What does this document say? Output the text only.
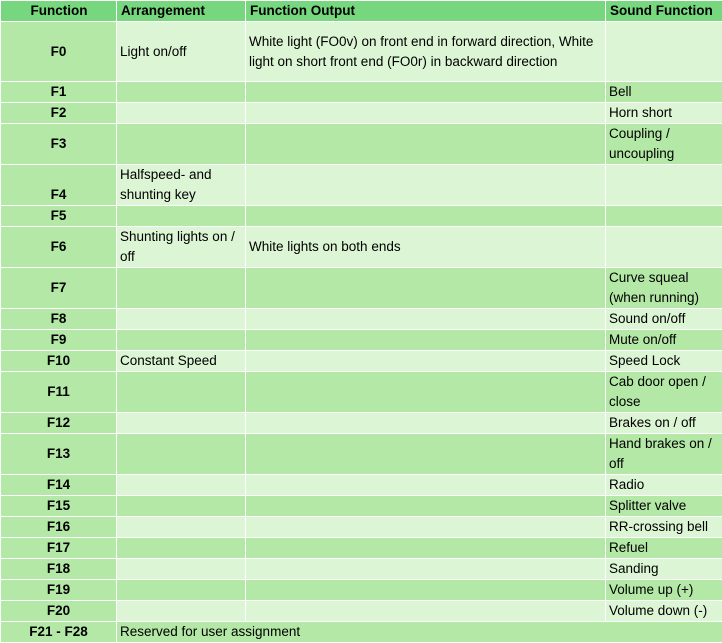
Function	Arrangement	Function Output	Sound Function
F0	Light on/off	White light (FO0v) on front end in forward direction, White light on short front end (FO0r) in backward direction	
F1			Bell
F2			Horn short
F3			Coupling / uncoupling
F4	Halfspeed- and shunting key		
F5			
F6	Shunting lights on / off	White lights on both ends	
F7			Curve squeal (when running)
F8			Sound on/off
F9			Mute on/off
F10	Constant Speed		Speed Lock
F11			Cab door open / close
F12			Brakes on / off
F13			Hand brakes on / off
F14			Radio
F15			Splitter valve
F16			RR-crossing bell
F17			Refuel
F18			Sanding
F19			Volume up (+)
F20			Volume down (-)
F21 - F28	Reserved for user assignment		
